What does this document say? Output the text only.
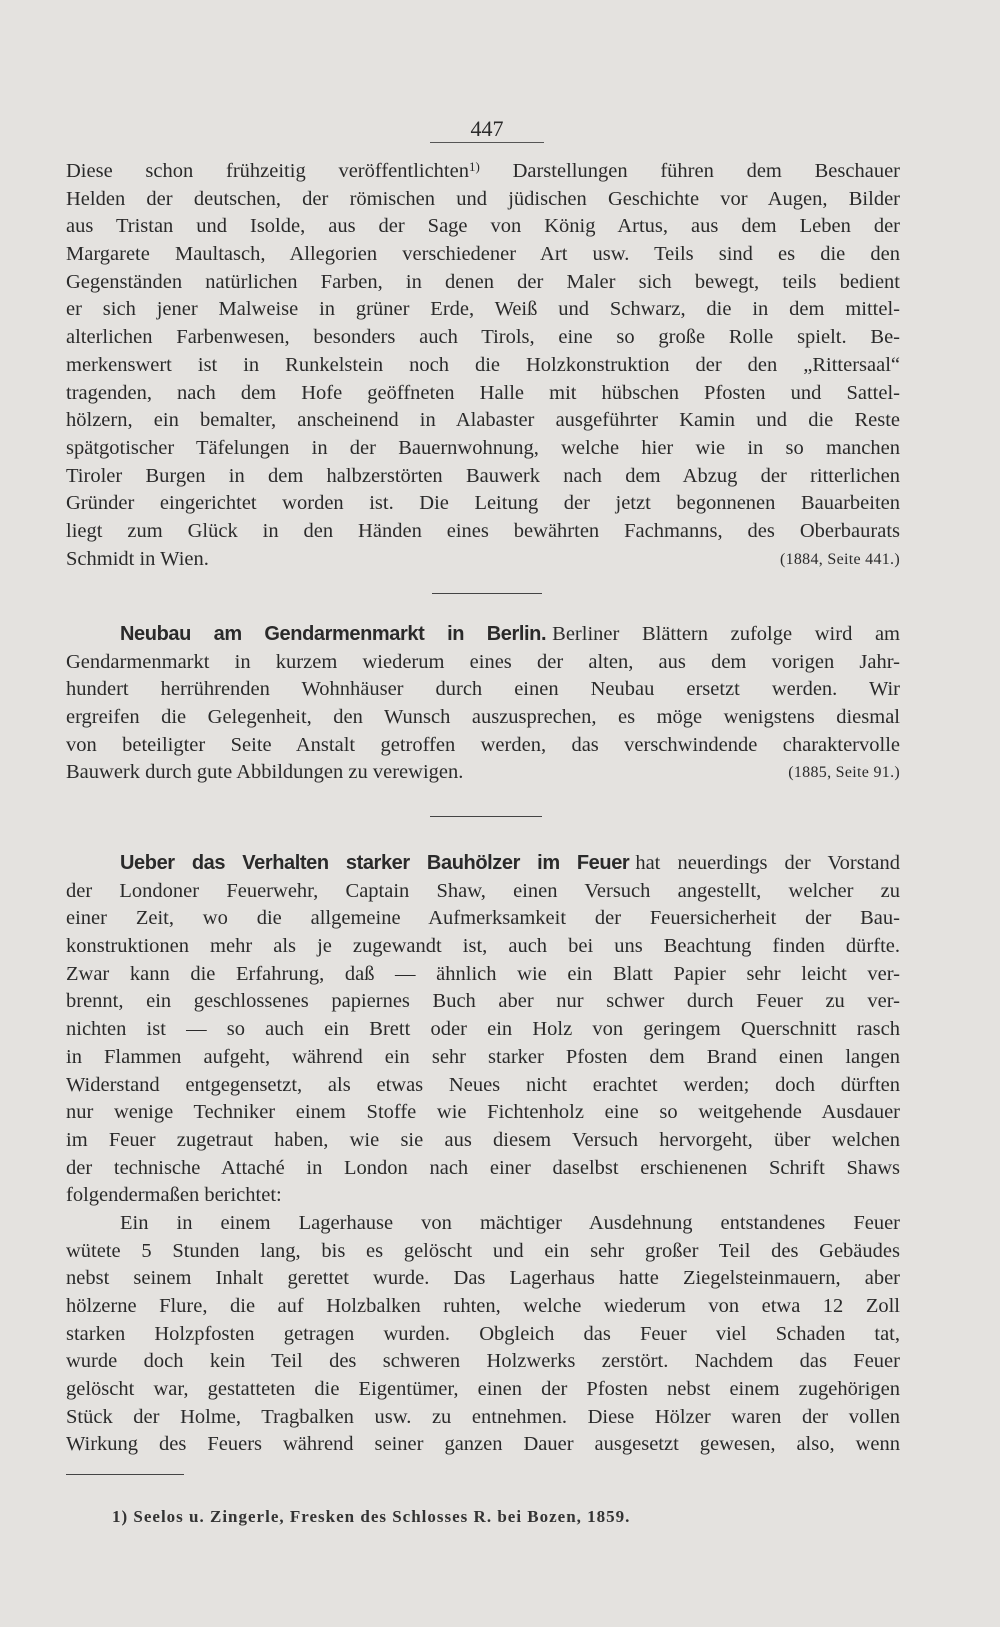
447
Diese schon frühzeitig veröffentlichten$^{1)}$ Darstellungen führen dem Beschauer
Helden der deutschen, der römischen und jüdischen Geschichte vor Augen, Bilder
aus Tristan und Isolde, aus der Sage von König Artus, aus dem Leben der
Margarete Maultasch, Allegorien verschiedener Art usw. Teils sind es die den
Gegenständen natürlichen Farben, in denen der Maler sich bewegt, teils bedient
er sich jener Malweise in grüner Erde, Weiß und Schwarz, die in dem mittel-
alterlichen Farbenwesen, besonders auch Tirols, eine so große Rolle spielt. Be-
merkenswert ist in Runkelstein noch die Holzkonstruktion der den „Rittersaal“
tragenden, nach dem Hofe geöffneten Halle mit hübschen Pfosten und Sattel-
hölzern, ein bemalter, anscheinend in Alabaster ausgeführter Kamin und die Reste
spätgotischer Täfelungen in der Bauernwohnung, welche hier wie in so manchen
Tiroler Burgen in dem halbzerstörten Bauwerk nach dem Abzug der ritterlichen
Gründer eingerichtet worden ist. Die Leitung der jetzt begonnenen Bauarbeiten
liegt zum Glück in den Händen eines bewährten Fachmanns, des Oberbaurats
Schmidt in Wien.	(1884, Seite 441.)
Neubau am Gendarmenmarkt in Berlin. Berliner Blättern zufolge wird am
Gendarmenmarkt in kurzem wiederum eines der alten, aus dem vorigen Jahr-
hundert herrührenden Wohnhäuser durch einen Neubau ersetzt werden. Wir
ergreifen die Gelegenheit, den Wunsch auszusprechen, es möge wenigstens diesmal
von beteiligter Seite Anstalt getroffen werden, das verschwindende charaktervolle
Bauwerk durch gute Abbildungen zu verewigen.	(1885, Seite 91.)
Ueber das Verhalten starker Bauhölzer im Feuer hat neuerdings der Vorstand
der Londoner Feuerwehr, Captain Shaw, einen Versuch angestellt, welcher zu
einer Zeit, wo die allgemeine Aufmerksamkeit der Feuersicherheit der Bau-
konstruktionen mehr als je zugewandt ist, auch bei uns Beachtung finden dürfte.
Zwar kann die Erfahrung, daß — ähnlich wie ein Blatt Papier sehr leicht ver-
brennt, ein geschlossenes papiernes Buch aber nur schwer durch Feuer zu ver-
nichten ist — so auch ein Brett oder ein Holz von geringem Querschnitt rasch
in Flammen aufgeht, während ein sehr starker Pfosten dem Brand einen langen
Widerstand entgegensetzt, als etwas Neues nicht erachtet werden; doch dürften
nur wenige Techniker einem Stoffe wie Fichtenholz eine so weitgehende Ausdauer
im Feuer zugetraut haben, wie sie aus diesem Versuch hervorgeht, über welchen
der technische Attaché in London nach einer daselbst erschienenen Schrift Shaws
folgendermaßen berichtet:
Ein in einem Lagerhause von mächtiger Ausdehnung entstandenes Feuer
wütete 5 Stunden lang, bis es gelöscht und ein sehr großer Teil des Gebäudes
nebst seinem Inhalt gerettet wurde. Das Lagerhaus hatte Ziegelsteinmauern, aber
hölzerne Flure, die auf Holzbalken ruhten, welche wiederum von etwa 12 Zoll
starken Holzpfosten getragen wurden. Obgleich das Feuer viel Schaden tat,
wurde doch kein Teil des schweren Holzwerks zerstört. Nachdem das Feuer
gelöscht war, gestatteten die Eigentümer, einen der Pfosten nebst einem zugehörigen
Stück der Holme, Tragbalken usw. zu entnehmen. Diese Hölzer waren der vollen
Wirkung des Feuers während seiner ganzen Dauer ausgesetzt gewesen, also, wenn
1) Seelos u. Zingerle, Fresken des Schlosses R. bei Bozen, 1859.
